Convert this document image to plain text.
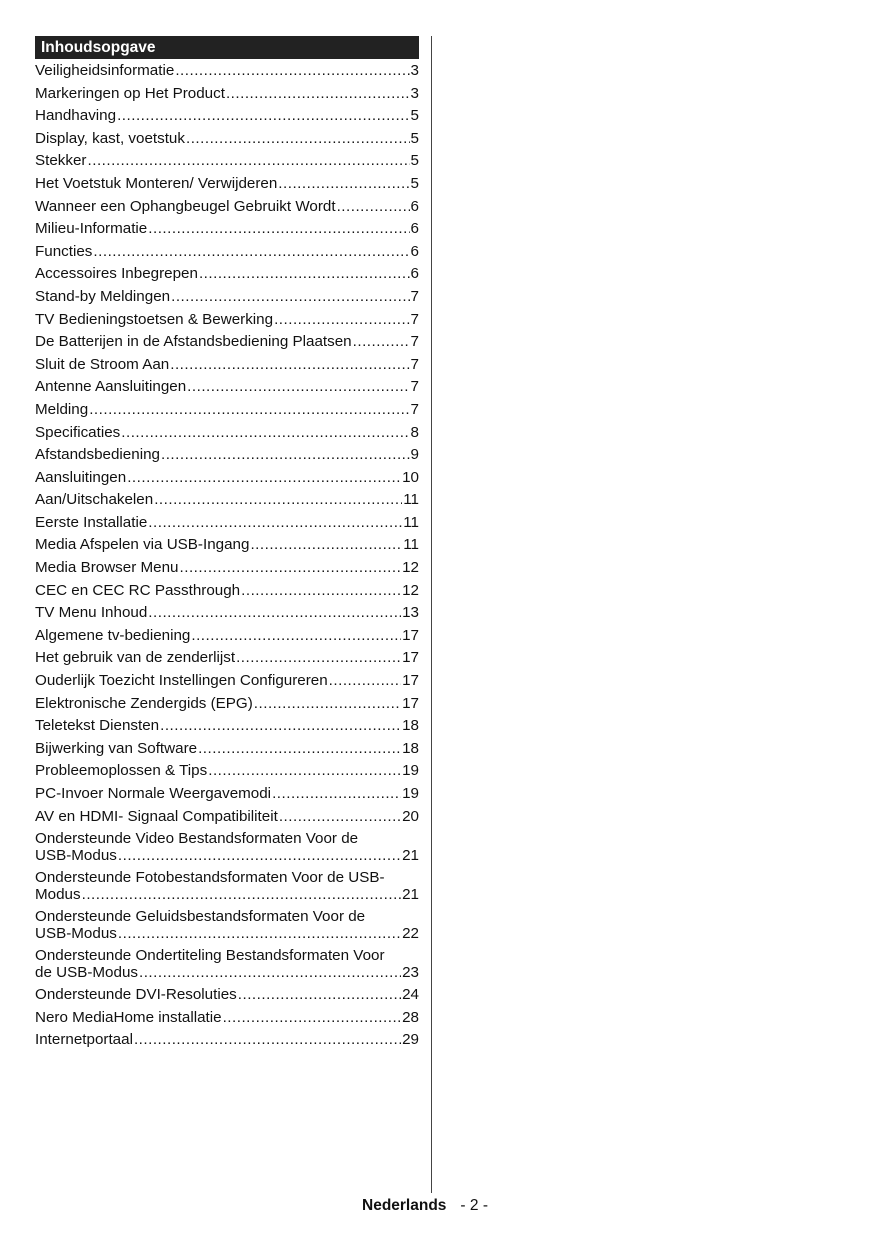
Inhoudsopgave
Veiligheidsinformatie .....	3
Markeringen op Het Product .....	3
Handhaving .....	5
Display, kast, voetstuk .....	5
Stekker .....	5
Het Voetstuk Monteren/ Verwijderen .....	5
Wanneer een Ophangbeugel Gebruikt Wordt .....	6
Milieu-Informatie .....	6
Functies .....	6
Accessoires Inbegrepen .....	6
Stand-by Meldingen .....	7
TV Bedieningstoetsen & Bewerking .....	7
De Batterijen in de Afstandsbediening Plaatsen .....	7
Sluit de Stroom Aan .....	7
Antenne Aansluitingen .....	7
Melding .....	7
Specificaties .....	8
Afstandsbediening .....	9
Aansluitingen .....	10
Aan/Uitschakelen .....	11
Eerste Installatie .....	11
Media Afspelen via USB-Ingang .....	11
Media Browser Menu .....	12
CEC en CEC RC Passthrough .....	12
TV Menu Inhoud .....	13
Algemene tv-bediening .....	17
Het gebruik van de zenderlijst .....	17
Ouderlijk Toezicht Instellingen Configureren .....	17
Elektronische Zendergids (EPG) .....	17
Teletekst Diensten .....	18
Bijwerking van Software .....	18
Probleemoplossen & Tips .....	19
PC-Invoer Normale Weergavemodi .....	19
AV en HDMI- Signaal Compatibiliteit .....	20
Ondersteunde Video Bestandsformaten Voor de
USB-Modus .....	21
Ondersteunde Fotobestandsformaten Voor de USB-
Modus .....	21
Ondersteunde Geluidsbestandsformaten Voor de
USB-Modus .....	22
Ondersteunde Ondertiteling Bestandsformaten Voor
de USB-Modus .....	23
Ondersteunde DVI-Resoluties .....	24
Nero MediaHome installatie .....	28
Internetportaal .....	29
Nederlands - 2 -
